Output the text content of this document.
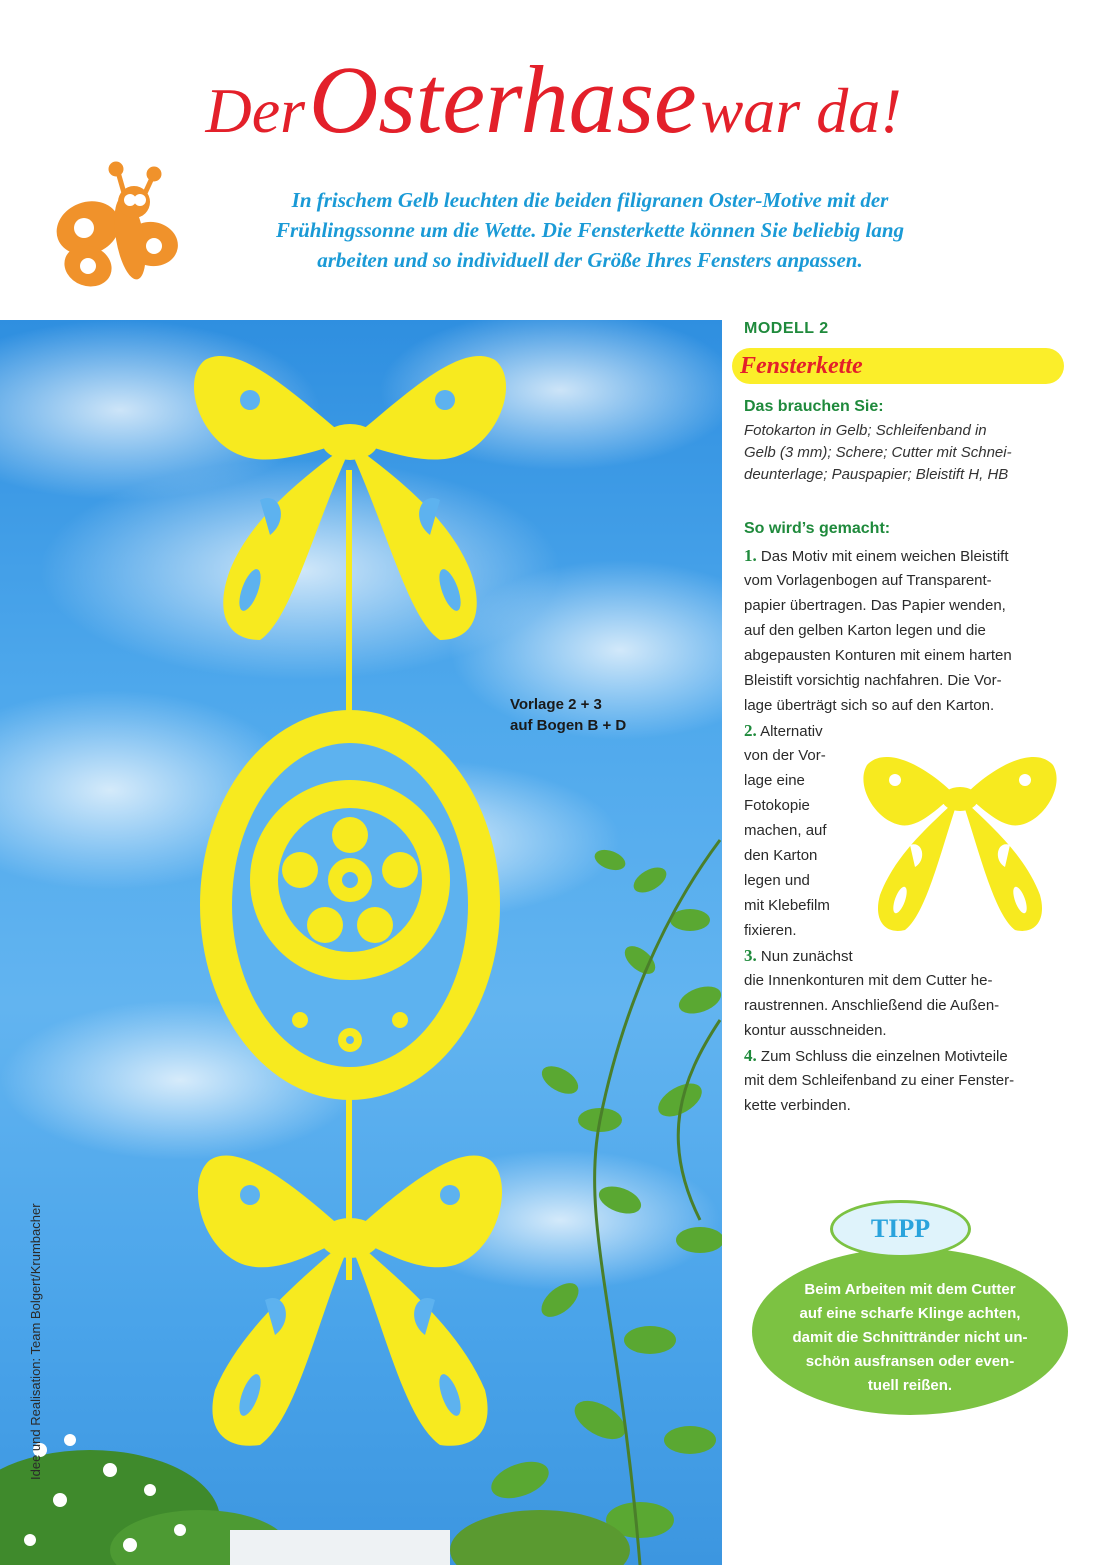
Der Osterhase war da!
In frischem Gelb leuchten die beiden filigranen Oster-Motive mit der
Frühlingssonne um die Wette. Die Fensterkette können Sie beliebig lang
arbeiten und so individuell der Größe Ihres Fensters anpassen.
Idee und Realisation: Team Bolgert/Krumbacher
Vorlage 2 + 3
auf Bogen B + D
MODELL 2
Fensterkette
Das brauchen Sie:
Fotokarton in Gelb; Schleifenband in
Gelb (3 mm); Schere; Cutter mit Schnei-
deunterlage; Pauspapier; Bleistift H, HB
So wird’s gemacht:
1. Das Motiv mit einem weichen Bleistift
vom Vorlagenbogen auf Transparent-
papier übertragen. Das Papier wenden,
auf den gelben Karton legen und die
abgepausten Konturen mit einem harten
Bleistift vorsichtig nachfahren. Die Vor-
lage überträgt sich so auf den Karton.
2. Alternativ
von der Vor-
lage eine
Fotokopie
machen, auf
den Karton
legen und
mit Klebefilm
fixieren.
3. Nun zunächst
die Innenkonturen mit dem Cutter he-
raustrennen. Anschließend die Außen-
kontur ausschneiden.
4. Zum Schluss die einzelnen Motivteile
mit dem Schleifenband zu einer Fenster-
kette verbinden.
TIPP
Beim Arbeiten mit dem Cutter
auf eine scharfe Klinge achten,
damit die Schnittränder nicht un-
schön ausfransen oder even-
tuell reißen.
